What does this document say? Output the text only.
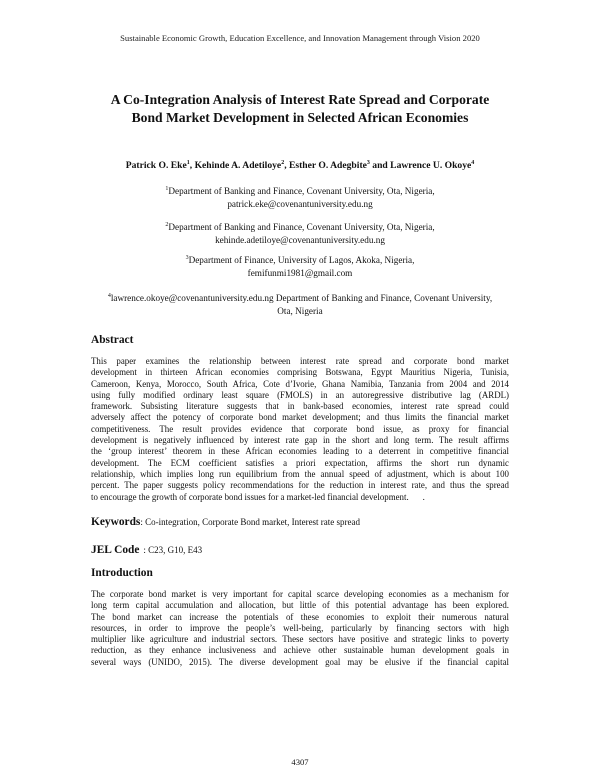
Sustainable Economic Growth, Education Excellence, and Innovation Management through Vision 2020
A Co-Integration Analysis of Interest Rate Spread and Corporate
Bond Market Development in Selected African Economies
Patrick O. Eke$^1$, Kehinde A. Adetiloye$^2$, Esther O. Adegbite$^3$ and Lawrence U. Okoye$^4$
$^1$Department of Banking and Finance, Covenant University, Ota, Nigeria,
patrick.eke@covenantuniversity.edu.ng
$^2$Department of Banking and Finance, Covenant University, Ota, Nigeria,
kehinde.adetiloye@covenantuniversity.edu.ng
$^3$Department of Finance, University of Lagos, Akoka, Nigeria,
femifunmi1981@gmail.com
$^4$lawrence.okoye@covenantuniversity.edu.ng Department of Banking and Finance, Covenant University,
Ota, Nigeria
Abstract
This paper examines the relationship between interest rate spread and corporate bond market
development in thirteen African economies comprising Botswana, Egypt Mauritius Nigeria, Tunisia,
Cameroon, Kenya, Morocco, South Africa, Cote d’Ivorie, Ghana Namibia, Tanzania from 2004 and 2014
using fully modified ordinary least square (FMOLS) in an autoregressive distributive lag (ARDL)
framework. Subsisting literature suggests that in bank-based economies, interest rate spread could
adversely affect the potency of corporate bond market development; and thus limits the financial market
competitiveness. The result provides evidence that corporate bond issue, as proxy for financial
development is negatively influenced by interest rate gap in the short and long term. The result affirms
the ‘group interest’ theorem in these African economies leading to a deterrent in competitive financial
development. The ECM coefficient satisfies a priori expectation, affirms the short run dynamic
relationship, which implies long run equilibrium from the annual speed of adjustment, which is about 100
percent. The paper suggests policy recommendations for the reduction in interest rate, and thus the spread
to encourage the growth of corporate bond issues for a market-led financial development. .
Keywords: Co-integration, Corporate Bond market, Interest rate spread
JEL Code : C23, G10, E43
Introduction
The corporate bond market is very important for capital scarce developing economies as a mechanism for
long term capital accumulation and allocation, but little of this potential advantage has been explored.
The bond market can increase the potentials of these economies to exploit their numerous natural
resources, in order to improve the people’s well-being, particularly by financing sectors with high
multiplier like agriculture and industrial sectors. These sectors have positive and strategic links to poverty
reduction, as they enhance inclusiveness and achieve other sustainable human development goals in
several ways (UNIDO, 2015). The diverse development goal may be elusive if the financial capital
4307
